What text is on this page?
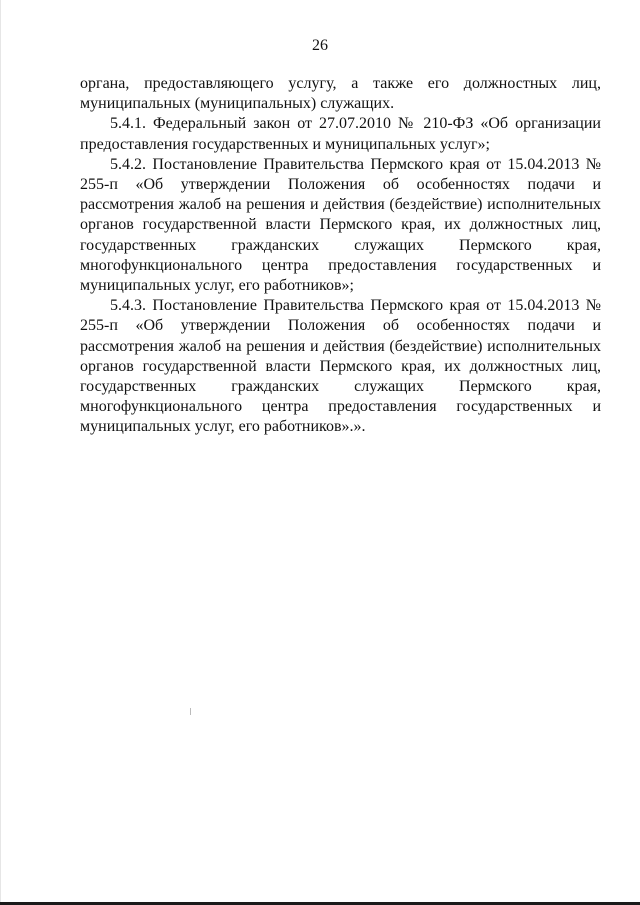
26

органа, предоставляющего услугу, а также его должностных лиц, муниципальных (муниципальных) служащих.

5.4.1. Федеральный закон от 27.07.2010 № 210-ФЗ «Об организации предоставления государственных и муниципальных услуг»;

5.4.2. Постановление Правительства Пермского края от 15.04.2013 № 255-п «Об утверждении Положения об особенностях подачи и рассмотрения жалоб на решения и действия (бездействие) исполнительных органов государственной власти Пермского края, их должностных лиц, государственных гражданских служащих Пермского края, многофункционального центра предоставления государственных и муниципальных услуг, его работников»;

5.4.3. Постановление Правительства Пермского края от 15.04.2013 № 255-п «Об утверждении Положения об особенностях подачи и рассмотрения жалоб на решения и действия (бездействие) исполнительных органов государственной власти Пермского края, их должностных лиц, государственных гражданских служащих Пермского края, многофункционального центра предоставления государственных и муниципальных услуг, его работников».».
